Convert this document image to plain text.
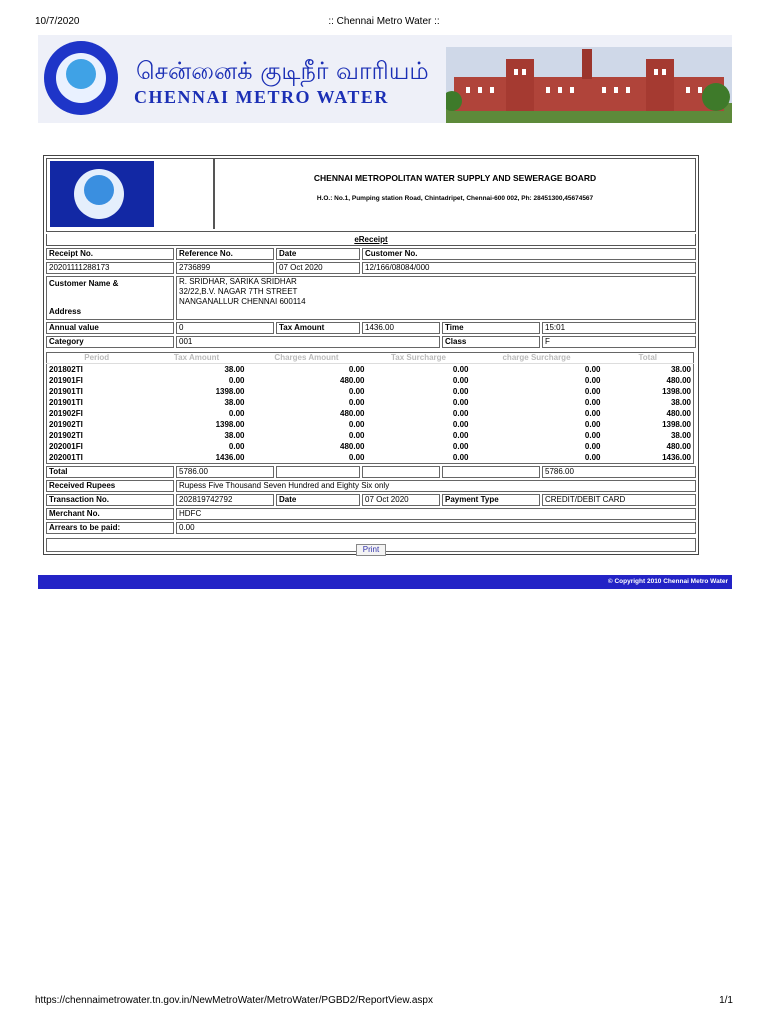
10/7/2020	:: Chennai Metro Water ::
சென்னைக் குடிநீர் வாரியம்
CHENNAI METRO WATER
CHENNAI METROPOLITAN WATER SUPPLY AND SEWERAGE BOARD
H.O.: No.1, Pumping station Road, Chintadripet, Chennai-600 002, Ph: 28451300,45674567
eReceipt
Receipt No.	Reference No.	Date	Customer No.		
20201111288173	2736899	07 Oct 2020	12/166/08084/000		
Customer Name &

Address	R. SRIDHAR, SARIKA SRIDHAR
32/22,B.V. NAGAR 7TH STREET
NANGANALLUR CHENNAI 600114				
Annual value	0	Tax Amount	1436.00	Time	15:01
Category	001			Class	F
Period	Tax Amount	Charges Amount	Tax Surcharge	charge Surcharge	Total
201802TI	38.00	0.00	0.00	0.00	38.00
201901FI	0.00	480.00	0.00	0.00	480.00
201901TI	1398.00	0.00	0.00	0.00	1398.00
201901TI	38.00	0.00	0.00	0.00	38.00
201902FI	0.00	480.00	0.00	0.00	480.00
201902TI	1398.00	0.00	0.00	0.00	1398.00
201902TI	38.00	0.00	0.00	0.00	38.00
202001FI	0.00	480.00	0.00	0.00	480.00
202001TI	1436.00	0.00	0.00	0.00	1436.00
Total	5786.00				5786.00
Received Rupees	Rupess Five Thousand Seven Hundred and Eighty Six only				
Transaction No.	202819742792	Date	07 Oct 2020	Payment Type	CREDIT/DEBIT CARD
Merchant No.	HDFC				
Arrears to be paid:	0.00				
Print
© Copyright 2010 Chennai Metro Water
https://chennaimetrowater.tn.gov.in/NewMetroWater/MetroWater/PGBD2/ReportView.aspx	1/1
